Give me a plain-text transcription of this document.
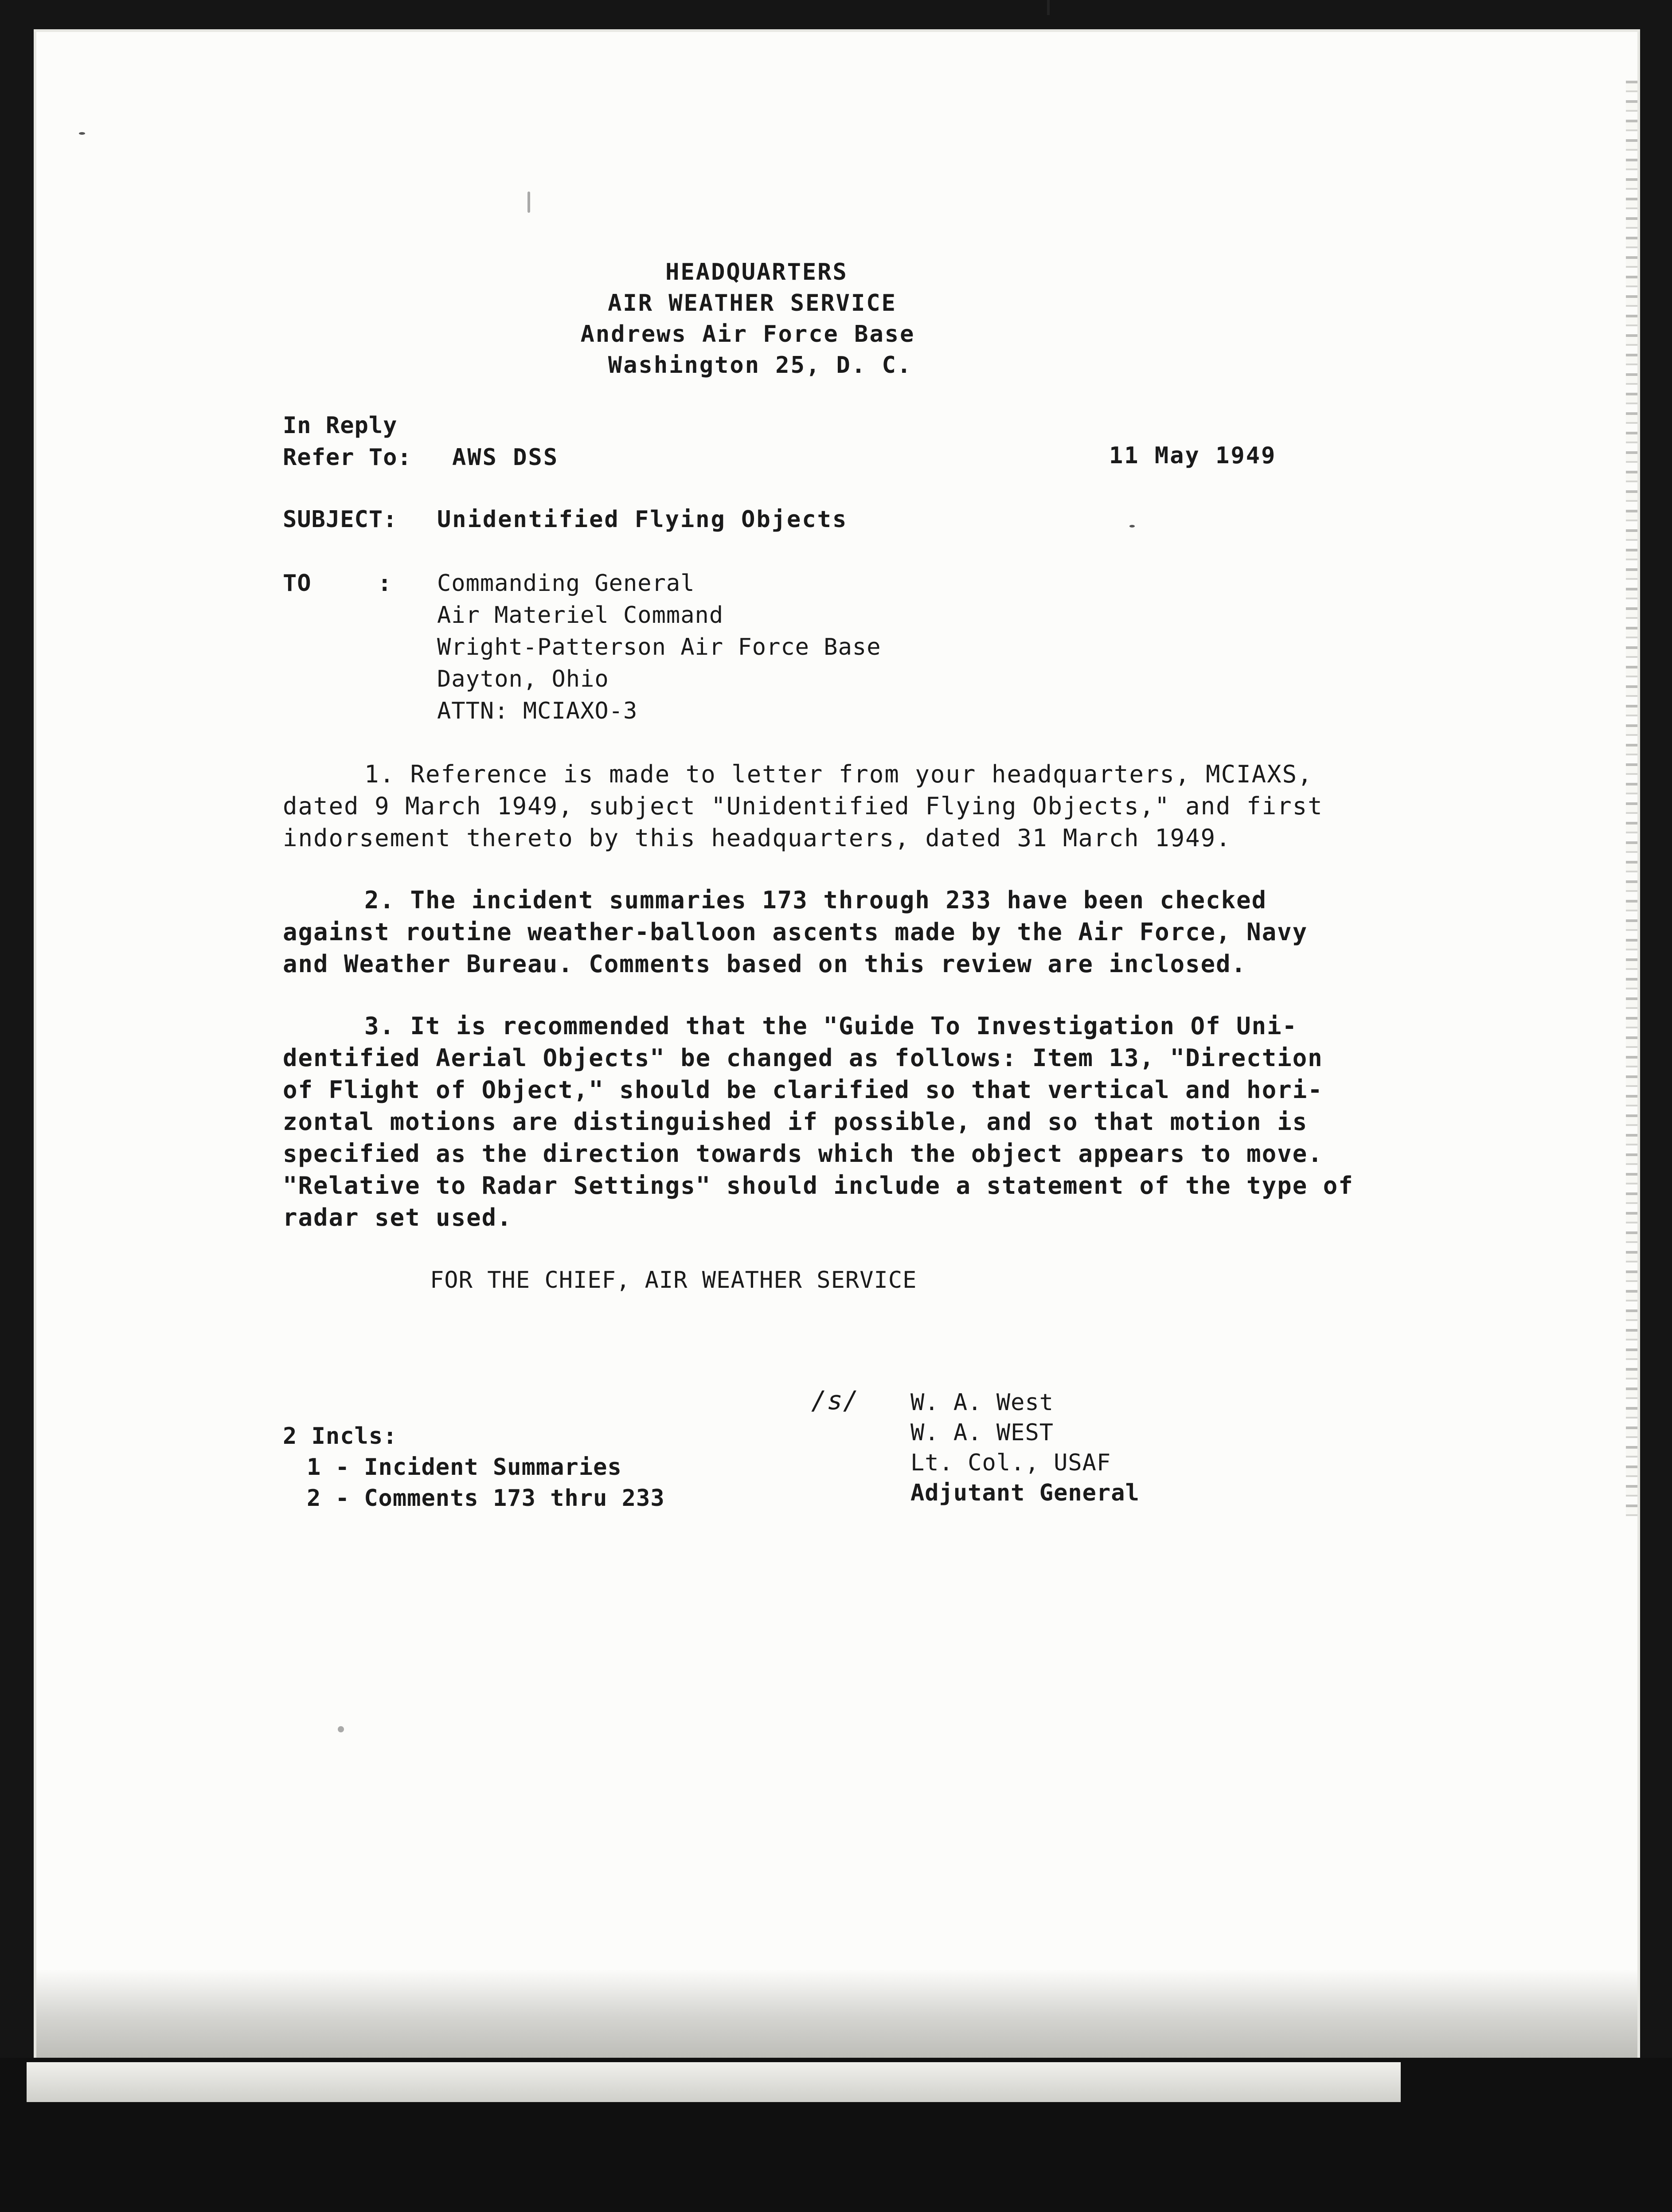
HEADQUARTERS
AIR WEATHER SERVICE
Andrews Air Force Base
Washington 25, D. C.
In Reply
Refer To: AWS DSS	11 May 1949
SUBJECT: Unidentified Flying Objects
TO	: Commanding General
Air Materiel Command
Wright-Patterson Air Force Base
Dayton, Ohio
ATTN: MCIAXO-3
1. Reference is made to letter from your headquarters, MCIAXS,
dated 9 March 1949, subject "Unidentified Flying Objects," and first
indorsement thereto by this headquarters, dated 31 March 1949.
2. The incident summaries 173 through 233 have been checked
against routine weather-balloon ascents made by the Air Force, Navy
and Weather Bureau. Comments based on this review are inclosed.
3. It is recommended that the "Guide To Investigation Of Uni-
dentified Aerial Objects" be changed as follows: Item 13, "Direction
of Flight of Object," should be clarified so that vertical and hori-
zontal motions are distinguished if possible, and so that motion is
specified as the direction towards which the object appears to move.
"Relative to Radar Settings" should include a statement of the type of
radar set used.
FOR THE CHIEF, AIR WEATHER SERVICE
/s/ W. A. West
W. A. WEST
Lt. Col., USAF
Adjutant General
2 Incls:
1 - Incident Summaries
2 - Comments 173 thru 233
